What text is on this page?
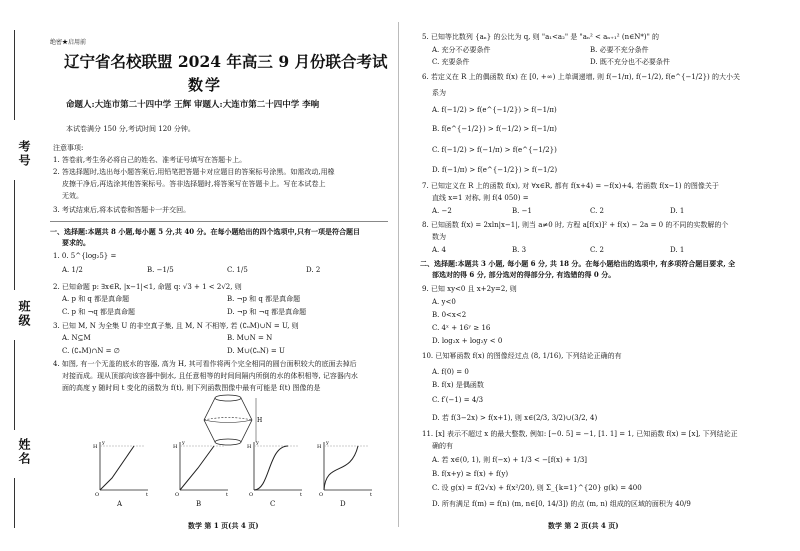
考号
班级
姓名
绝密★启用前
辽宁省名校联盟 2024 年高三 9 月份联合考试
数学
命题人:大连市第二十四中学 王辉 审题人:大连市第二十四中学 李响
本试卷满分 150 分,考试时间 120 分钟。
注意事项:
1. 答卷前,考生务必将自己的姓名、准考证号填写在答题卡上。
2. 答选择题时,选出每小题答案后,用铅笔把答题卡对应题目的答案标号涂黑。如需改动,用橡
皮擦干净后,再选涂其他答案标号。答非选择题时,将答案写在答题卡上。写在本试卷上
无效。
3. 考试结束后,将本试卷和答题卡一并交回。
一、选择题:本题共 8 小题,每小题 5 分,共 40 分。在每小题给出的四个选项中,只有一项是符合题目
要求的。
1. 0. 5^{log₂5} =
A. 1/2	B. −1/5	C. 1/5	D. 2
2. 已知命题 p: ∃x∈R, |x−1|<1, 命题 q: √3 + 1 < 2√2, 则
A. p 和 q 都是真命题	B. ¬p 和 q 都是真命题
C. p 和 ¬q 都是真命题	D. ¬p 和 ¬q 都是真命题
3. 已知 M, N 为全集 U 的非空真子集, 且 M, N 不相等, 若 (∁ᵤM)∪N = U, 则
A. N⊆M	B. M∪N = N
C. (∁ᵤM)∩N = ∅	D. M∪(∁ᵤN) = U
4. 如图, 有一个无盖的底水的容器, 高为 H, 其可看作将两个完全相同的圆台面积较大的底面去掉后
对接而成。现从顶部向该容器中倒水, 且任意相等的时间间隔内所倒的水的体积相等, 记容器内水
面的高度 y 随时间 t 变化的函数为 f(t), 则下列函数图像中最有可能是 f(t) 图像的是
H
y
t
O
H
y
t
O
H
y
t
O
H
y
t
O
H
A	B	C	D
数学 第 1 页(共 4 页)
5. 已知等比数列 {aₙ} 的公比为 q, 则 "a₁<a₂" 是 "aₙ² < aₙ₊₁² (n∈N*)" 的
A. 充分不必要条件	B. 必要不充分条件
C. 充要条件	D. 既不充分也不必要条件
6. 若定义在 R 上的偶函数 f(x) 在 [0, +∞) 上单调递增, 则 f(−1/π), f(−1/2), f(e^{−1/2}) 的大小关
系为
A. f(−1/2) > f(e^{−1/2}) > f(−1/π)
B. f(e^{−1/2}) > f(−1/2) > f(−1/π)
C. f(−1/2) > f(−1/π) > f(e^{−1/2})
D. f(−1/π) > f(e^{−1/2}) > f(−1/2)
7. 已知定义在 R 上的函数 f(x), 对 ∀x∈R, 都有 f(x+4) = −f(x)+4, 若函数 f(x−1) 的图像关于
直线 x=1 对称, 则 f(4 050) =
A. −2	B. −1	C. 2	D. 1
8. 已知函数 f(x) = 2xln|x−1|, 则当 a≠0 时, 方程 a[f(x)]² + f(x) − 2a = 0 的不同的实数解的个
数为
A. 4	B. 3	C. 2	D. 1
二、选择题:本题共 3 小题, 每小题 6 分, 共 18 分。在每小题给出的选项中, 有多项符合题目要求, 全
部选对的得 6 分, 部分选对的得部分分, 有选错的得 0 分。
9. 已知 xy<0 且 x+2y=2, 则
A. y<0
B. 0<x<2
C. 4ˣ + 16ʸ ≥ 16
D. log₂x + log₂y < 0
10. 已知幂函数 f(x) 的图像经过点 (8, 1/16), 下列结论正确的有
A. f(0) = 0
B. f(x) 是偶函数
C. f′(−1) = 4/3
D. 若 f(3−2x) > f(x+1), 则 x∈(2/3, 3/2)∪(3/2, 4)
11. [x] 表示不超过 x 的最大整数, 例如: [−0. 5] = −1, [1. 1] = 1, 已知函数 f(x) = [x], 下列结论正
确的有
A. 若 x∈(0, 1), 则 f(−x) + 1/3 < −[f(x) + 1/3]
B. f(x+y) ≥ f(x) + f(y)
C. 设 g(x) = f(2√x) + f(x²/20), 则 Σ_{k=1}^{20} g(k) = 400
D. 所有满足 f(m) = f(n) (m, n∈[0, 14/3]) 的点 (m, n) 组成的区域的面积为 40/9
数学 第 2 页(共 4 页)
